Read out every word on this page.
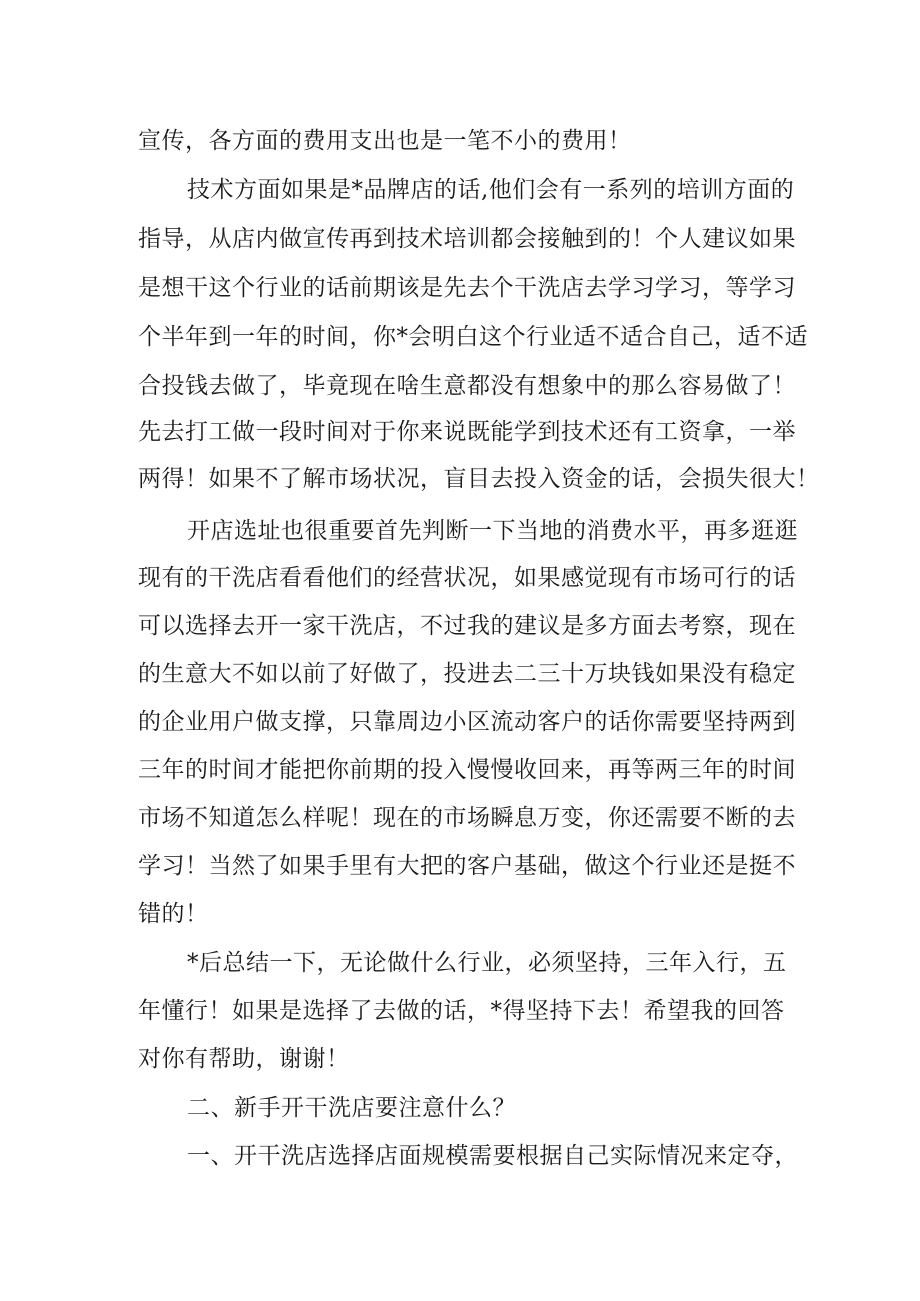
宣传，各方面的费用支出也是一笔不小的费用！

技术方面如果是*品牌店的话,他们会有一系列的培训方面的

指导，从店内做宣传再到技术培训都会接触到的！个人建议如果

是想干这个行业的话前期该是先去个干洗店去学习学习，等学习

个半年到一年的时间，你*会明白这个行业适不适合自己，适不适

合投钱去做了，毕竟现在啥生意都没有想象中的那么容易做了！

先去打工做一段时间对于你来说既能学到技术还有工资拿，一举

两得！如果不了解市场状况，盲目去投入资金的话，会损失很大！

开店选址也很重要首先判断一下当地的消费水平，再多逛逛

现有的干洗店看看他们的经营状况，如果感觉现有市场可行的话

可以选择去开一家干洗店，不过我的建议是多方面去考察，现在

的生意大不如以前了好做了，投进去二三十万块钱如果没有稳定

的企业用户做支撑，只靠周边小区流动客户的话你需要坚持两到

三年的时间才能把你前期的投入慢慢收回来，再等两三年的时间

市场不知道怎么样呢！现在的市场瞬息万变，你还需要不断的去

学习！当然了如果手里有大把的客户基础，做这个行业还是挺不

错的！

*后总结一下，无论做什么行业，必须坚持，三年入行，五

年懂行！如果是选择了去做的话，*得坚持下去！希望我的回答

对你有帮助，谢谢！

二、新手开干洗店要注意什么？

一、开干洗店选择店面规模需要根据自己实际情况来定夺，
